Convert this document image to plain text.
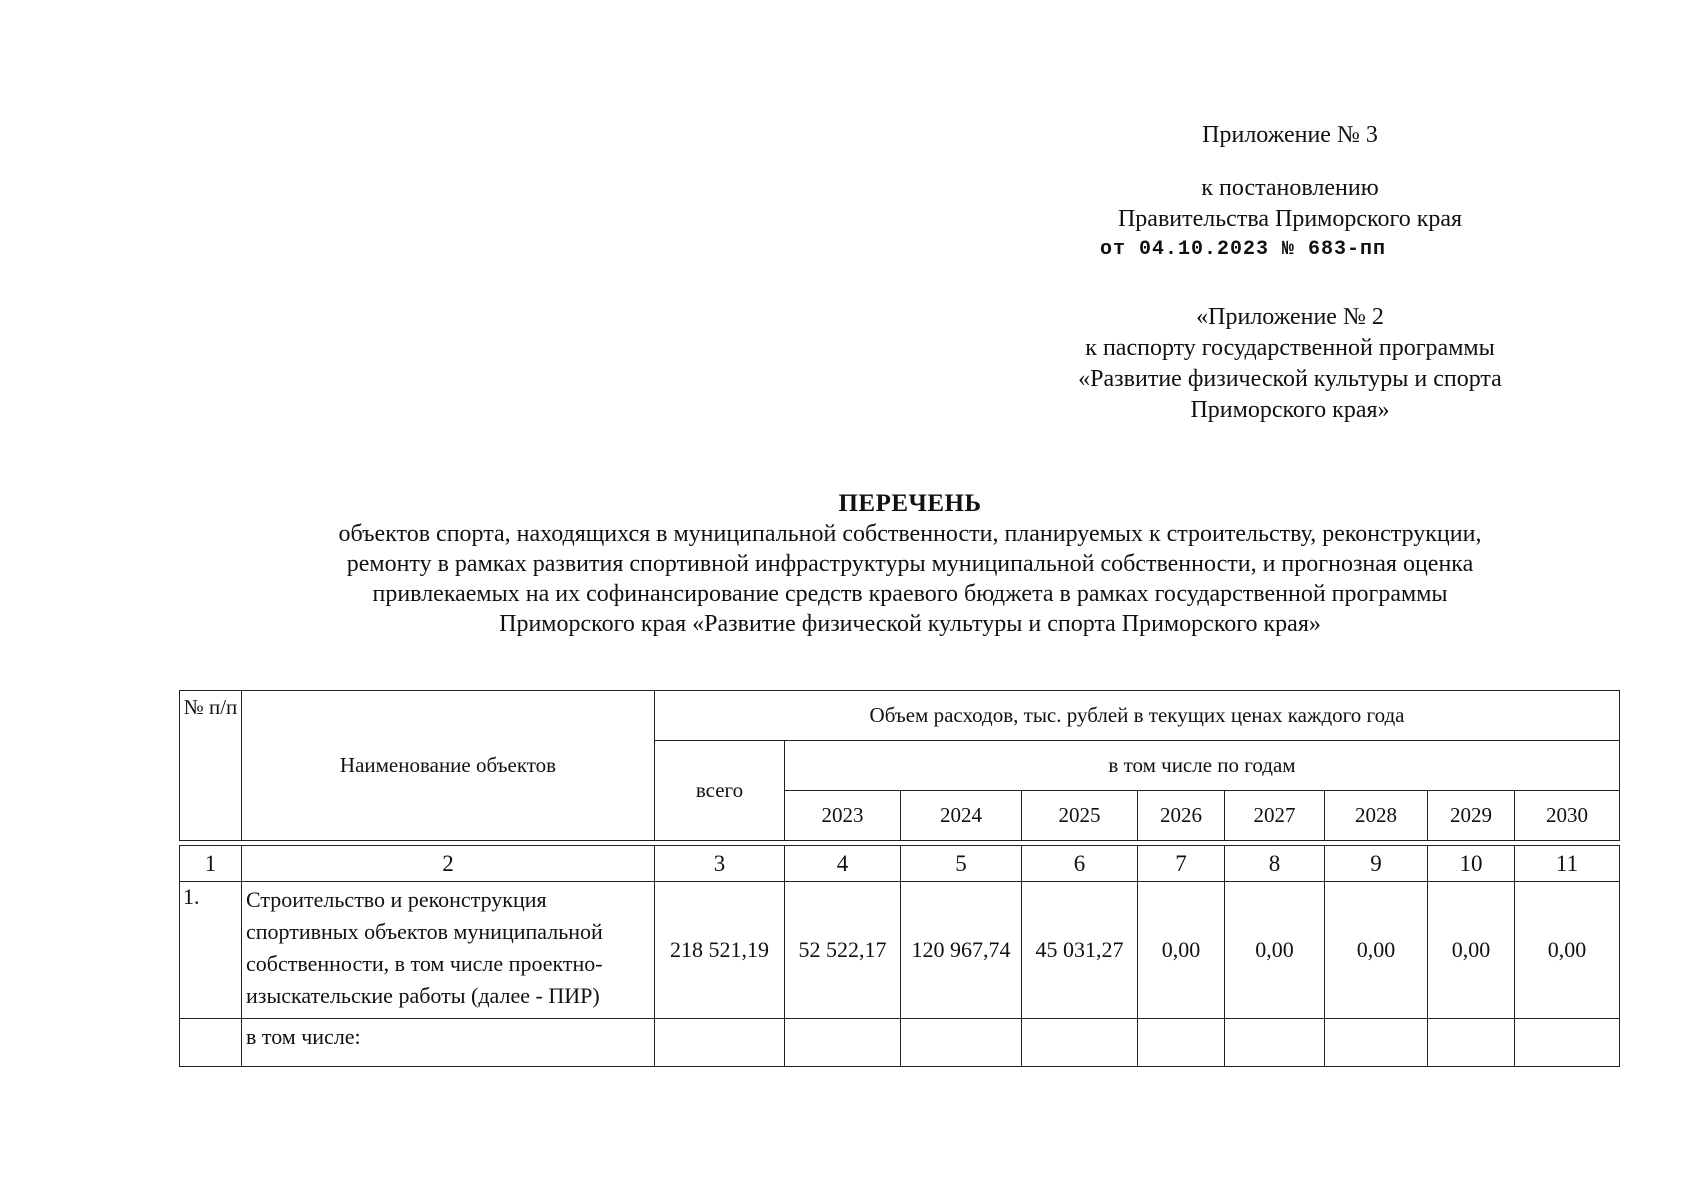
Приложение № 3
к постановлению
Правительства Приморского края
от 04.10.2023 № 683-пп
«Приложение № 2
к паспорту государственной программы
«Развитие физической культуры и спорта
Приморского края»
ПЕРЕЧЕНЬ
объектов спорта, находящихся в муниципальной собственности, планируемых к строительству, реконструкции,
ремонту в рамках развития спортивной инфраструктуры муниципальной собственности, и прогнозная оценка
привлекаемых на их софинансирование средств краевого бюджета в рамках государственной программы
Приморского края «Развитие физической культуры и спорта Приморского края»
№ п/п	Наименование объектов	Объем расходов, тыс. рублей в текущих ценах каждого года								
		всего	в том числе по годам							
			2023	2024	2025	2026	2027	2028	2029	2030
1	2	3	4	5	6	7	8	9	10	11
1.	Строительство и реконструкция спортивных объектов муниципальной собственности, в том числе проектно-изыскательские работы (далее - ПИР)	218 521,19	52 522,17	120 967,74	45 031,27	0,00	0,00	0,00	0,00	0,00
	в том числе:									
